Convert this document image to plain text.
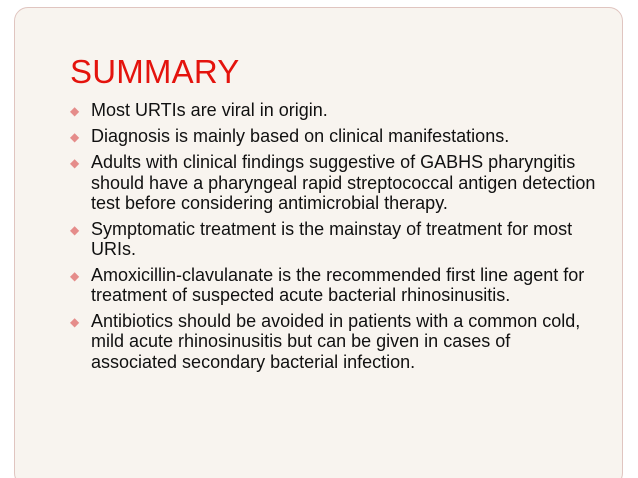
SUMMARY
◆ Most URTIs are viral in origin.
◆ Diagnosis is mainly based on clinical manifestations.
◆ Adults with clinical findings suggestive of GABHS pharyngitis should have a pharyngeal rapid streptococcal antigen detection test before considering antimicrobial therapy.
◆ Symptomatic treatment is the mainstay of treatment for most URIs.
◆ Amoxicillin-clavulanate is the recommended first line agent for treatment of suspected acute bacterial rhinosinusitis.
◆ Antibiotics should be avoided in patients with a common cold, mild acute rhinosinusitis but can be given in cases of associated secondary bacterial infection.
